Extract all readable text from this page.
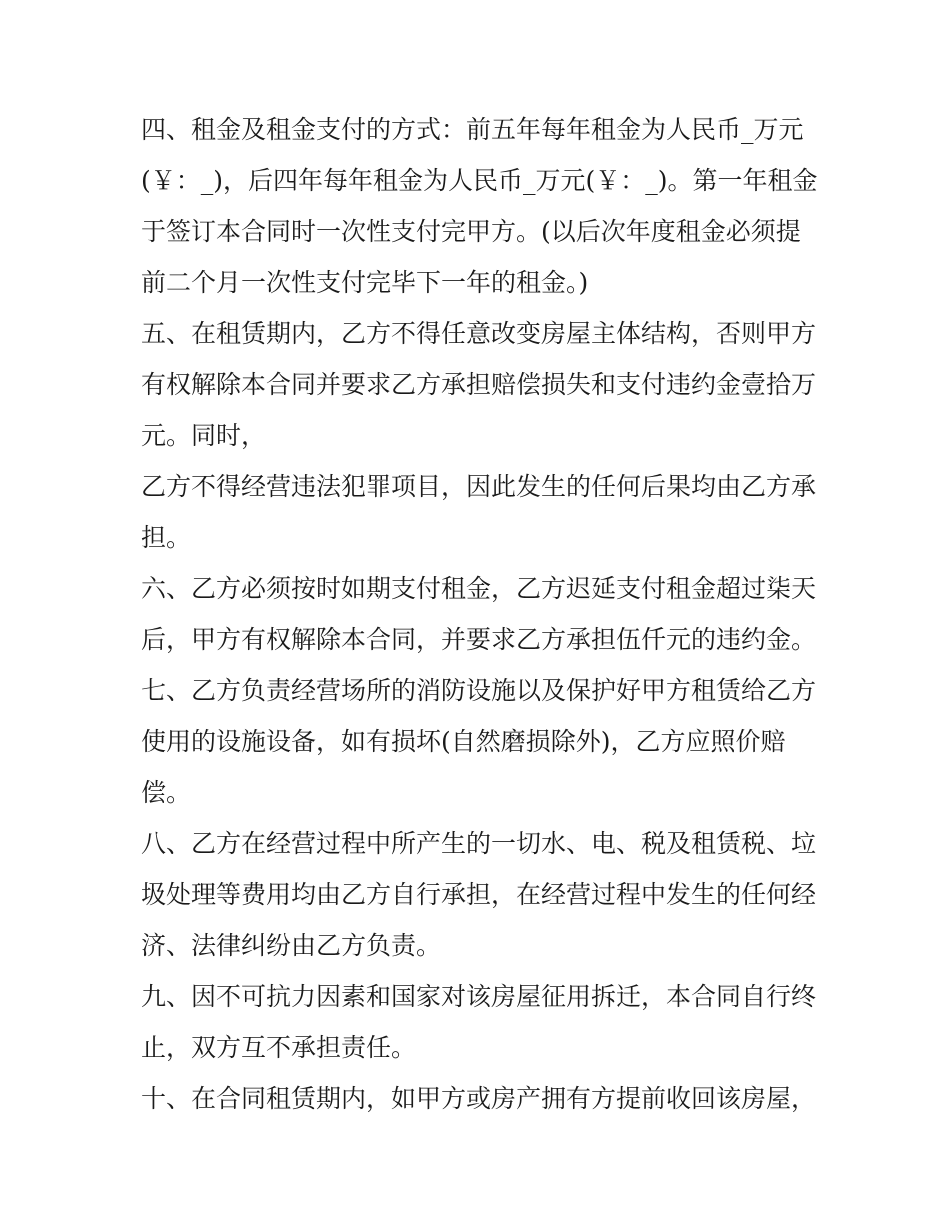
四、租金及租金支付的方式：前五年每年租金为人民币_万元
(￥：_)，后四年每年租金为人民币_万元(￥：_)。第一年租金
于签订本合同时一次性支付完甲方。(以后次年度租金必须提
前二个月一次性支付完毕下一年的租金。)
五、在租赁期内，乙方不得任意改变房屋主体结构，否则甲方
有权解除本合同并要求乙方承担赔偿损失和支付违约金壹拾万
元。同时，
乙方不得经营违法犯罪项目，因此发生的任何后果均由乙方承
担。
六、乙方必须按时如期支付租金，乙方迟延支付租金超过柒天
后，甲方有权解除本合同，并要求乙方承担伍仟元的违约金。
七、乙方负责经营场所的消防设施以及保护好甲方租赁给乙方
使用的设施设备，如有损坏(自然磨损除外)，乙方应照价赔
偿。
八、乙方在经营过程中所产生的一切水、电、税及租赁税、垃
圾处理等费用均由乙方自行承担，在经营过程中发生的任何经
济、法律纠纷由乙方负责。
九、因不可抗力因素和国家对该房屋征用拆迁，本合同自行终
止，双方互不承担责任。
十、在合同租赁期内，如甲方或房产拥有方提前收回该房屋，
